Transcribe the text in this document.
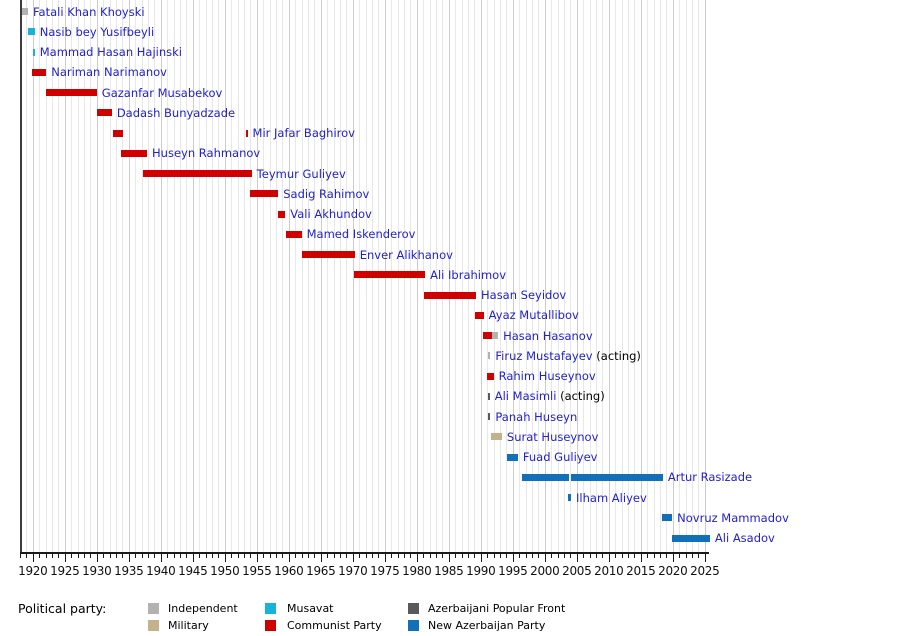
1920 1925 1930 1935 1940 1945 1950 1955 1960 1965 1970 1975 1980 1985 1990 1995 2000 2005 2010 2015 2020 2025
Fatali Khan Khoyski
Nasib bey Yusifbeyli
Mammad Hasan Hajinski
Nariman Narimanov
Gazanfar Musabekov
Dadash Bunyadzade
Mir Jafar Baghirov
Huseyn Rahmanov
Teymur Guliyev
Sadig Rahimov
Vali Akhundov
Mamed Iskenderov
Enver Alikhanov
Ali Ibrahimov
Hasan Seyidov
Ayaz Mutallibov
Hasan Hasanov
Firuz Mustafayev (acting)
Rahim Huseynov
Ali Masimli (acting)
Panah Huseyn
Surat Huseynov
Fuad Guliyev
Artur Rasizade
Ilham Aliyev
Novruz Mammadov
Ali Asadov
Political party:	Independent
Military
Musavat
Communist Party
Azerbaijani Popular Front
New Azerbaijan Party
